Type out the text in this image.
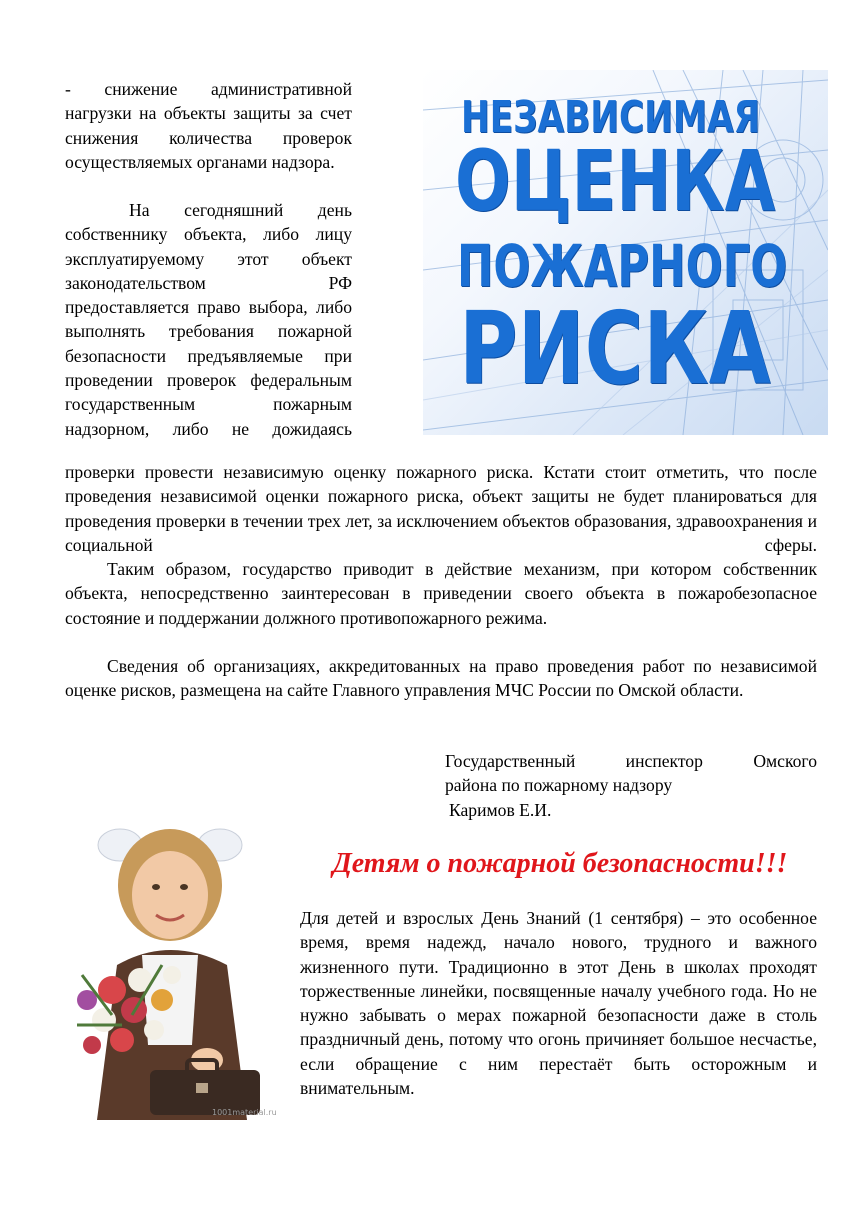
НЕЗАВИСИМАЯ
ОЦЕНКА
ПОЖАРНОГО
РИСКА

- снижение административной нагрузки на объекты защиты за счет снижения количества проверок осуществляемых органами надзора.

На сегодняшний день собственнику объекта, либо лицу эксплуатируемому этот объект законодательством РФ предоставляется право выбора, либо выполнять требования пожарной безопасности предъявляемые при проведении проверок федеральным государственным пожарным надзорном, либо не дожидаясь

проверки провести независимую оценку пожарного риска. Кстати стоит отметить, что после проведения независимой оценки пожарного риска, объект защиты не будет планироваться для проведения проверки в течении трех лет, за исключением объектов образования, здравоохранения и социальной сферы.

Таким образом, государство приводит в действие механизм, при котором собственник объекта, непосредственно заинтересован в приведении своего объекта в пожаробезопасное состояние и поддержании должного противопожарного режима.

Сведения об организациях, аккредитованных на право проведения работ по независимой оценке рисков, размещена на сайте Главного управления МЧС России по Омской области.

Государственный инспектор Омского
района по пожарному надзору
Каримов Е.И.
1001material.ru
Детям о пожарной безопасности!!!

Для детей и взрослых День Знаний (1 сентября) – это особенное время, время надежд, начало нового, трудного и важного жизненного пути. Традиционно в этот День в школах проходят торжественные линейки, посвященные началу учебного года. Но не нужно забывать о мерах пожарной безопасности даже в столь праздничный день, потому что огонь причиняет большое несчастье, если обращение с ним перестаёт быть осторожным и внимательным.
